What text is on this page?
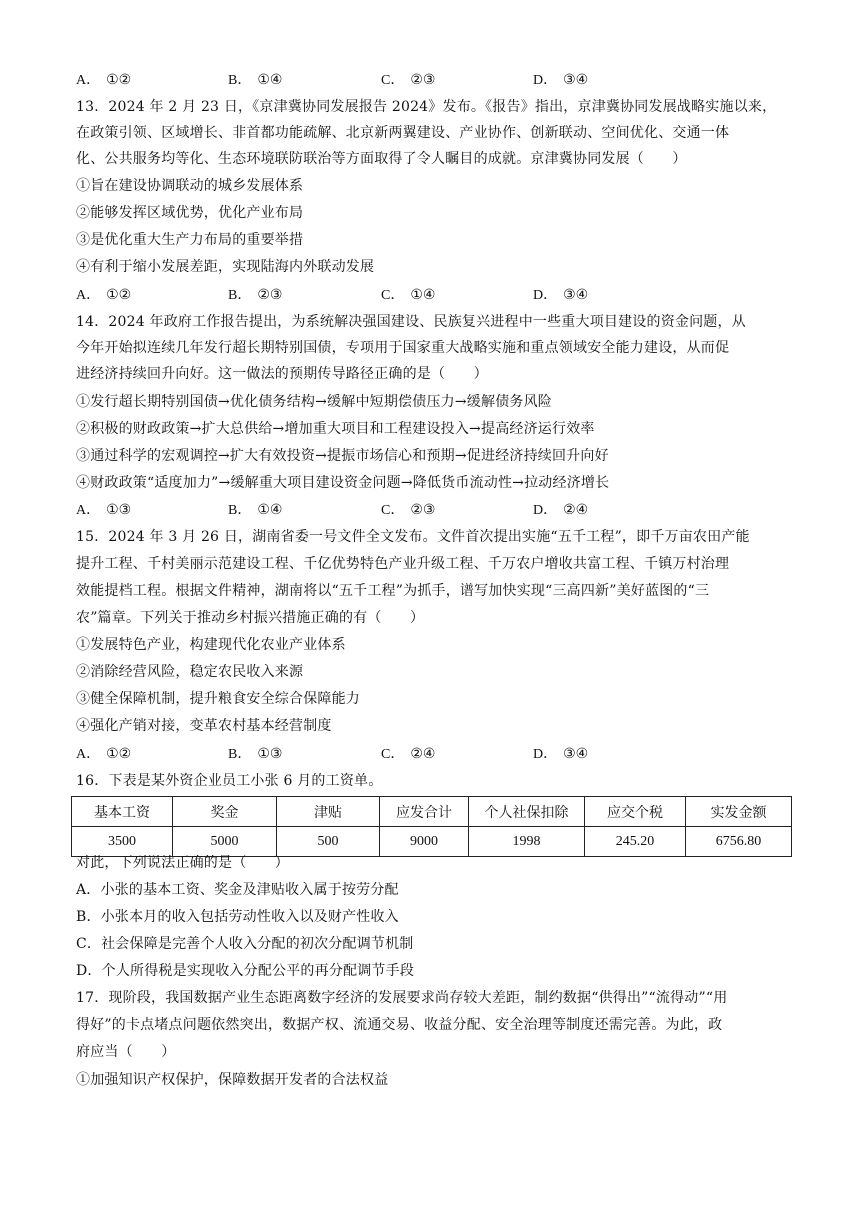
A． ①②	B． ①④	C． ②③	D． ③④
13．2024 年 2 月 23 日，《京津冀协同发展报告 2024》发布。《报告》指出，京津冀协同发展战略实施以来，
在政策引领、区域增长、非首都功能疏解、北京新两翼建设、产业协作、创新联动、空间优化、交通一体
化、公共服务均等化、生态环境联防联治等方面取得了令人瞩目的成就。京津冀协同发展（　　）
①旨在建设协调联动的城乡发展体系
②能够发挥区域优势，优化产业布局
③是优化重大生产力布局的重要举措
④有利于缩小发展差距，实现陆海内外联动发展
A． ①②	B． ②③	C． ①④	D． ③④
14．2024 年政府工作报告提出，为系统解决强国建设、民族复兴进程中一些重大项目建设的资金问题，从
今年开始拟连续几年发行超长期特别国债，专项用于国家重大战略实施和重点领域安全能力建设，从而促
进经济持续回升向好。这一做法的预期传导路径正确的是（　　）
①发行超长期特别国债→优化债务结构→缓解中短期偿债压力→缓解债务风险
②积极的财政政策→扩大总供给→增加重大项目和工程建设投入→提高经济运行效率
③通过科学的宏观调控→扩大有效投资→提振市场信心和预期→促进经济持续回升向好
④财政政策“适度加力”→缓解重大项目建设资金问题→降低货币流动性→拉动经济增长
A． ①③	B． ①④	C． ②③	D． ②④
15．2024 年 3 月 26 日，湖南省委一号文件全文发布。文件首次提出实施“五千工程”，即千万亩农田产能
提升工程、千村美丽示范建设工程、千亿优势特色产业升级工程、千万农户增收共富工程、千镇万村治理
效能提档工程。根据文件精神，湖南将以“五千工程”为抓手，谱写加快实现“三高四新”美好蓝图的“三
农”篇章。下列关于推动乡村振兴措施正确的有（　　）
①发展特色产业，构建现代化农业产业体系
②消除经营风险，稳定农民收入来源
③健全保障机制，提升粮食安全综合保障能力
④强化产销对接，变革农村基本经营制度
A． ①②	B． ①③	C． ②④	D． ③④
16．下表是某外资企业员工小张 6 月的工资单。
基本工资	奖金	津贴	应发合计	个人社保扣除	应交个税	实发金额
3500	5000	500	9000	1998	245.20	6756.80
对此，下列说法正确的是（　　）
A．小张的基本工资、奖金及津贴收入属于按劳分配
B．小张本月的收入包括劳动性收入以及财产性收入
C．社会保障是完善个人收入分配的初次分配调节机制
D．个人所得税是实现收入分配公平的再分配调节手段
17．现阶段，我国数据产业生态距离数字经济的发展要求尚存较大差距，制约数据“供得出”“流得动”“用
得好”的卡点堵点问题依然突出，数据产权、流通交易、收益分配、安全治理等制度还需完善。为此，政
府应当（　　）
①加强知识产权保护，保障数据开发者的合法权益
